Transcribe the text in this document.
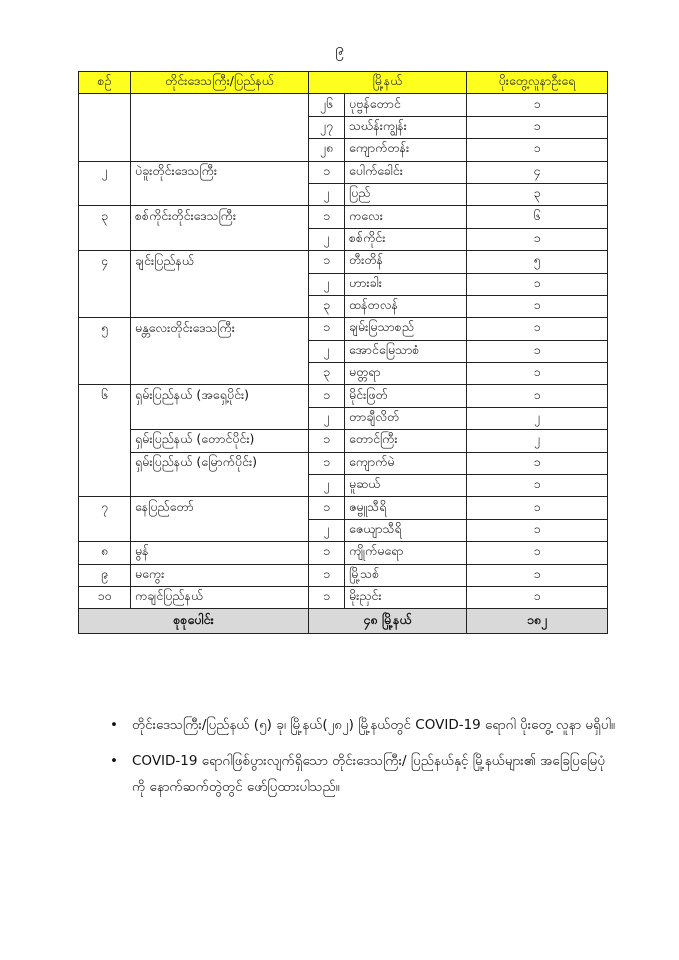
၉
စဉ်	တိုင်းဒေသကြီး/ပြည်နယ်	မြို့နယ်		ပိုးတွေ့လူနာဦးရေ
		၂၆	ပုဗ္ဗန်တောင်	၁
		၂၇	သဃ်န်းကျွန်း	၁
		၂၈	ကျောက်တန်း	၁
၂	ပဲခူးတိုင်းဒေသကြီး	၁	ပေါက်ခေါင်း	၄
		၂	ပြည်	၃
၃	စစ်ကိုင်းတိုင်းဒေသကြီး	၁	ကလေး	၆
		၂	စစ်ကိုင်း	၁
၄	ချင်းပြည်နယ်	၁	တီးတိန်	၅
		၂	ဟားခါး	၁
		၃	ထန်တလန်	၁
၅	မန္တလေးတိုင်းဒေသကြီး	၁	ချမ်းမြသာစည်	၁
		၂	အောင်မြေသာစံ	၁
		၃	မတ္တရာ	၁
၆	ရှမ်းပြည်နယ် (အရှေ့ပိုင်း)	၁	မိုင်းဖြတ်	၁
		၂	တာချီလိတ်	၂
	ရှမ်းပြည်နယ် (တောင်ပိုင်း)	၁	တောင်ကြီး	၂
	ရှမ်းပြည်နယ် (မြောက်ပိုင်း)	၁	ကျောက်မဲ	၁
		၂	မူဆယ်	၁
၇	နေပြည်တော်	၁	ဇမ္ဗူသီရိ	၁
		၂	ဇေယျာသီရိ	၁
၈	မွန်	၁	ကျိုက်မရော	၁
၉	မကွေး	၁	မြို့သစ်	၁
၁၀	ကချင်ပြည်နယ်	၁	မိုးညှင်း	၁
စုစုပေါင်း		၄၈ မြို့နယ်		၁၈၂
• တိုင်းဒေသကြီး/ပြည်နယ် (၅) ခု၊ မြို့နယ်(၂၈၂) မြို့နယ်တွင် COVID-19 ရောဂါ ပိုးတွေ့ လူနာ မရှိပါ။
• COVID-19 ရောဂါဖြစ်ပွားလျက်ရှိသော တိုင်းဒေသကြီး/ ပြည်နယ်နှင့် မြို့နယ်များ၏ အခြေပြမြေပုံကို နောက်ဆက်တွဲတွင် ဖော်ပြထားပါသည်။
